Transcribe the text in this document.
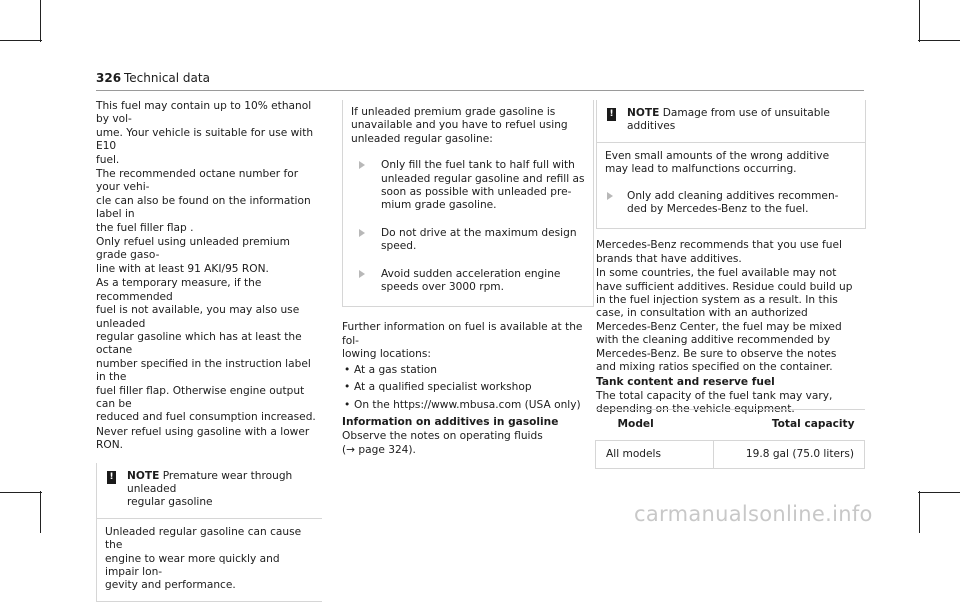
326 Technical data

This fuel may contain up to 10% ethanol by vol-
ume. Your vehicle is suitable for use with E10
fuel.

The recommended octane number for your vehi-
cle can also be found on the information label in
the fuel filler flap .

Only refuel using unleaded premium grade gaso-
line with at least 91 AKI/95 RON.

As a temporary measure, if the recommended
fuel is not available, you may also use unleaded
regular gasoline which has at least the octane
number specified in the instruction label in the
fuel filler flap. Otherwise engine output can be
reduced and fuel consumption increased.

Never refuel using gasoline with a lower RON.

! NOTE Premature wear through unleaded
regular gasoline
Unleaded regular gasoline can cause the
engine to wear more quickly and impair lon-
gevity and performance.

If unleaded premium grade gasoline is
unavailable and you have to refuel using
unleaded regular gasoline:

Only fill the fuel tank to half full with
unleaded regular gasoline and refill as
soon as possible with unleaded pre-
mium grade gasoline.
Do not drive at the maximum design
speed.
Avoid sudden acceleration engine
speeds over 3000 rpm.

Further information on fuel is available at the fol-
lowing locations:

• At a gas station
• At a qualified specialist workshop
• On the https://www.mbusa.com (USA only)

Information on additives in gasoline

Observe the notes on operating fluids
(→ page 324).

! NOTE Damage from use of unsuitable
additives

Even small amounts of the wrong additive
may lead to malfunctions occurring.

Only add cleaning additives recommen-
ded by Mercedes-Benz to the fuel.

Mercedes-Benz recommends that you use fuel
brands that have additives.

In some countries, the fuel available may not
have sufficient additives. Residue could build up
in the fuel injection system as a result. In this
case, in consultation with an authorized
Mercedes-Benz Center, the fuel may be mixed
with the cleaning additive recommended by
Mercedes-Benz. Be sure to observe the notes
and mixing ratios specified on the container.

Tank content and reserve fuel

The total capacity of the fuel tank may vary,
depending on the vehicle equipment.

Model	Total capacity
All models	19.8 gal (75.0 liters)
carmanualsonline.info
